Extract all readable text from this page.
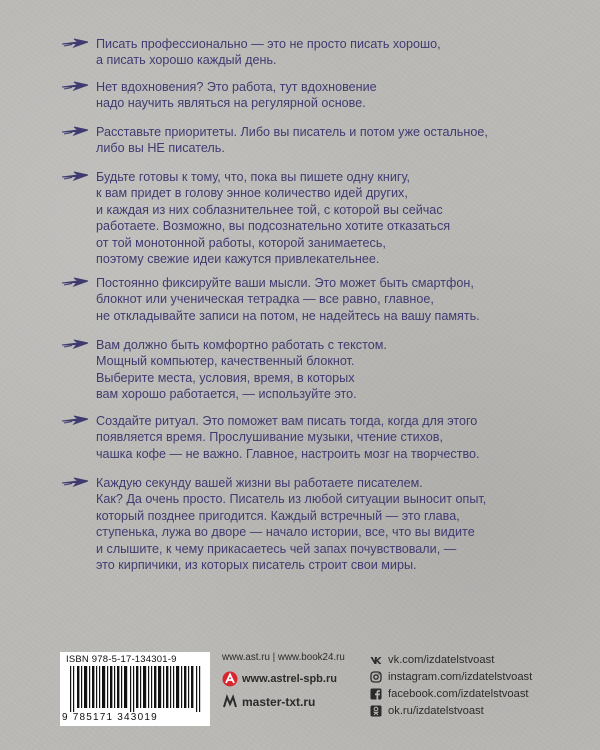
Писать профессионально — это не просто писать хорошо,
а писать хорошо каждый день.

Нет вдохновения? Это работа, тут вдохновение
надо научить являться на регулярной основе.

Расставьте приоритеты. Либо вы писатель и потом уже остальное,
либо вы НЕ писатель.

Будьте готовы к тому, что, пока вы пишете одну книгу,
к вам придет в голову энное количество идей других,
и каждая из них соблазнительнее той, с которой вы сейчас
работаете. Возможно, вы подсознательно хотите отказаться
от той монотонной работы, которой занимаетесь,
поэтому свежие идеи кажутся привлекательнее.

Постоянно фиксируйте ваши мысли. Это может быть смартфон,
блокнот или ученическая тетрадка — все равно, главное,
не откладывайте записи на потом, не надейтесь на вашу память.

Вам должно быть комфортно работать с текстом.
Мощный компьютер, качественный блокнот.
Выберите места, условия, время, в которых
вам хорошо работается, — используйте это.

Создайте ритуал. Это поможет вам писать тогда, когда для этого
появляется время. Прослушивание музыки, чтение стихов,
чашка кофе — не важно. Главное, настроить мозг на творчество.

Каждую секунду вашей жизни вы работаете писателем.
Как? Да очень просто. Писатель из любой ситуации выносит опыт,
который позднее пригодится. Каждый встречный — это глава,
ступенька, лужа во дворе — начало истории, все, что вы видите
и слышите, к чему прикасаетесь чей запах почувствовали, —
это кирпичики, из которых писатель строит свои миры.

ISBN 978-5-17-134301-9
9 785171 343019
www.ast.ru | www.book24.ru
www.astrel-spb.ru
master-txt.ru
vk.com/izdatelstvoast
instagram.com/izdatelstvoast
facebook.com/izdatelstvoast
ok.ru/izdatelstvoast
